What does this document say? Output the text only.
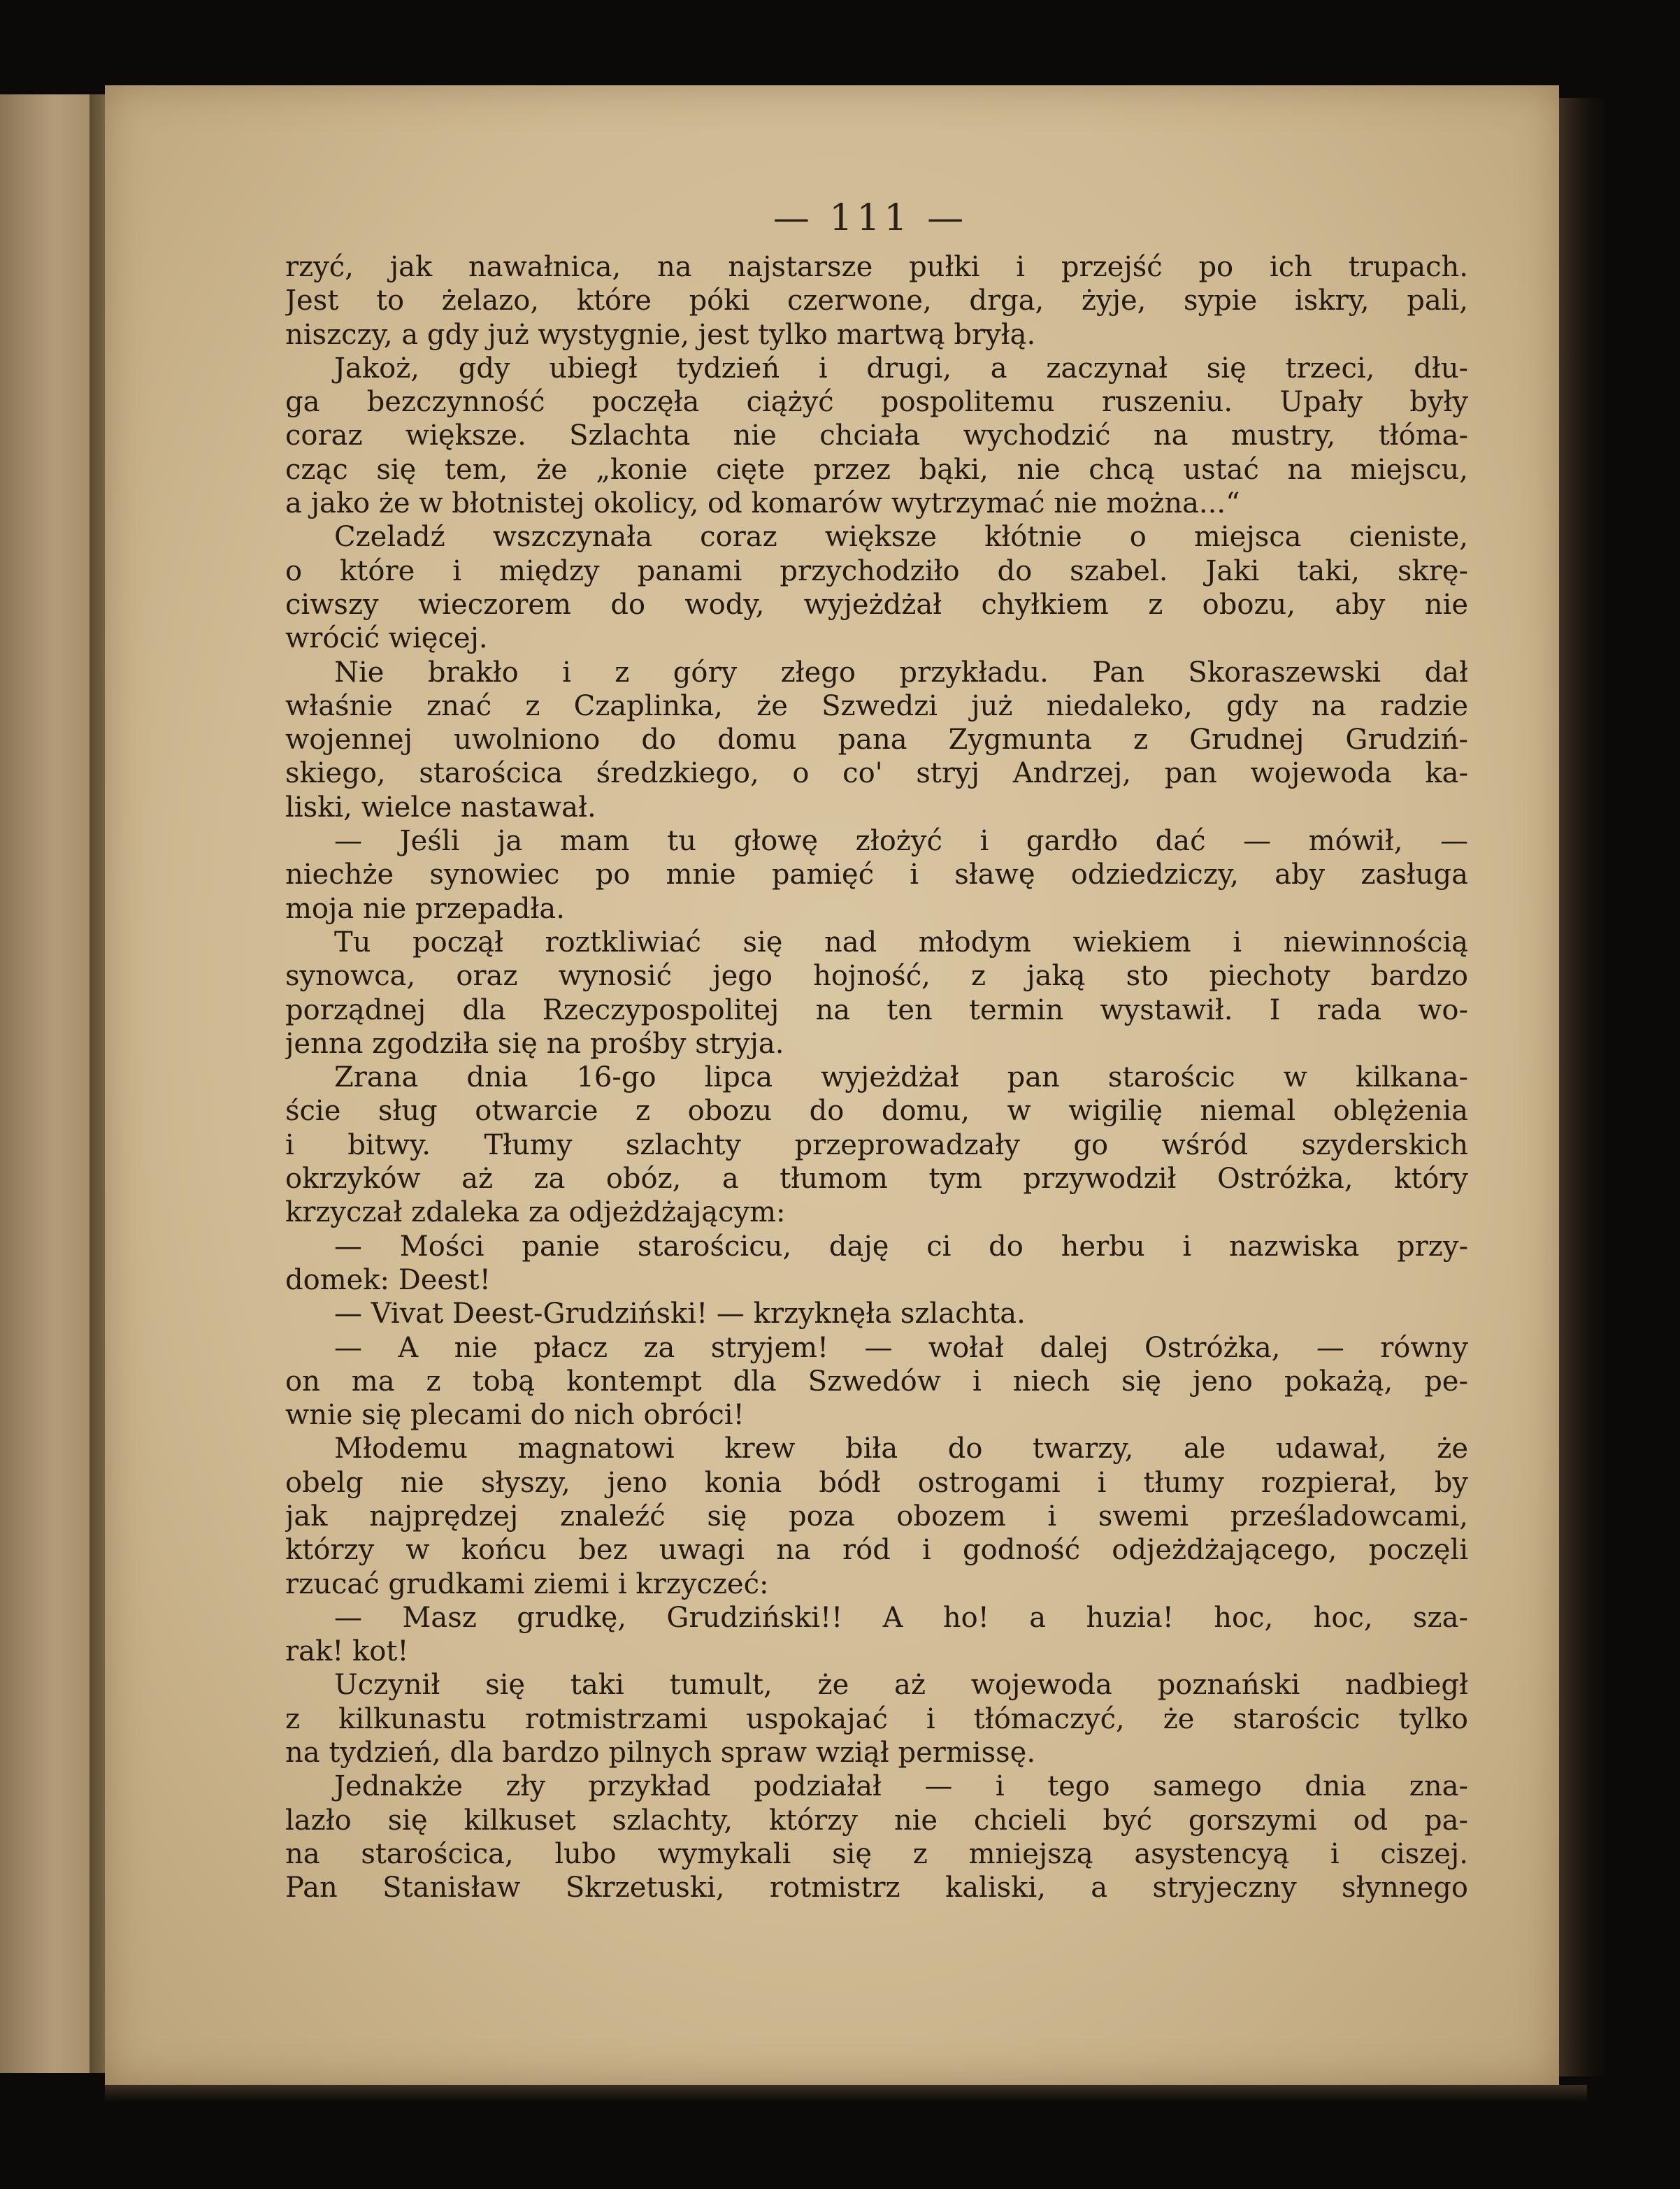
— 111 —
rzyć, jak nawałnica, na najstarsze pułki i przejść po ich trupach.
Jest to żelazo, które póki czerwone, drga, żyje, sypie iskry, pali,
niszczy, a gdy już wystygnie, jest tylko martwą bryłą.
Jakoż, gdy ubiegł tydzień i drugi, a zaczynał się trzeci, dłu-
ga bezczynność poczęła ciążyć pospolitemu ruszeniu. Upały były
coraz większe. Szlachta nie chciała wychodzić na mustry, tłóma-
cząc się tem, że „konie cięte przez bąki, nie chcą ustać na miejscu,
a jako że w błotnistej okolicy, od komarów wytrzymać nie można...“
Czeladź wszczynała coraz większe kłótnie o miejsca cieniste,
o które i między panami przychodziło do szabel. Jaki taki, skrę-
ciwszy wieczorem do wody, wyjeżdżał chyłkiem z obozu, aby nie
wrócić więcej.
Nie brakło i z góry złego przykładu. Pan Skoraszewski dał
właśnie znać z Czaplinka, że Szwedzi już niedaleko, gdy na radzie
wojennej uwolniono do domu pana Zygmunta z Grudnej Grudziń-
skiego, starościca średzkiego, o co' stryj Andrzej, pan wojewoda ka-
liski, wielce nastawał.
— Jeśli ja mam tu głowę złożyć i gardło dać — mówił, —
niechże synowiec po mnie pamięć i sławę odziedziczy, aby zasługa
moja nie przepadła.
Tu począł roztkliwiać się nad młodym wiekiem i niewinnością
synowca, oraz wynosić jego hojność, z jaką sto piechoty bardzo
porządnej dla Rzeczypospolitej na ten termin wystawił. I rada wo-
jenna zgodziła się na prośby stryja.
Zrana dnia 16-go lipca wyjeżdżał pan starościc w kilkana-
ście sług otwarcie z obozu do domu, w wigilię niemal oblężenia
i bitwy. Tłumy szlachty przeprowadzały go wśród szyderskich
okrzyków aż za obóz, a tłumom tym przywodził Ostróżka, który
krzyczał zdaleka za odjeżdżającym:
— Mości panie starościcu, daję ci do herbu i nazwiska przy-
domek: Deest!
— Vivat Deest-Grudziński! — krzyknęła szlachta.
— A nie płacz za stryjem! — wołał dalej Ostróżka, — równy
on ma z tobą kontempt dla Szwedów i niech się jeno pokażą, pe-
wnie się plecami do nich obróci!
Młodemu magnatowi krew biła do twarzy, ale udawał, że
obelg nie słyszy, jeno konia bódł ostrogami i tłumy rozpierał, by
jak najprędzej znaleźć się poza obozem i swemi prześladowcami,
którzy w końcu bez uwagi na ród i godność odjeżdżającego, poczęli
rzucać grudkami ziemi i krzyczeć:
— Masz grudkę, Grudziński!! A ho! a huzia! hoc, hoc, sza-
rak! kot!
Uczynił się taki tumult, że aż wojewoda poznański nadbiegł
z kilkunastu rotmistrzami uspokajać i tłómaczyć, że starościc tylko
na tydzień, dla bardzo pilnych spraw wziął permissę.
Jednakże zły przykład podziałał — i tego samego dnia zna-
lazło się kilkuset szlachty, którzy nie chcieli być gorszymi od pa-
na starościca, lubo wymykali się z mniejszą asystencyą i ciszej.
Pan Stanisław Skrzetuski, rotmistrz kaliski, a stryjeczny słynnego
